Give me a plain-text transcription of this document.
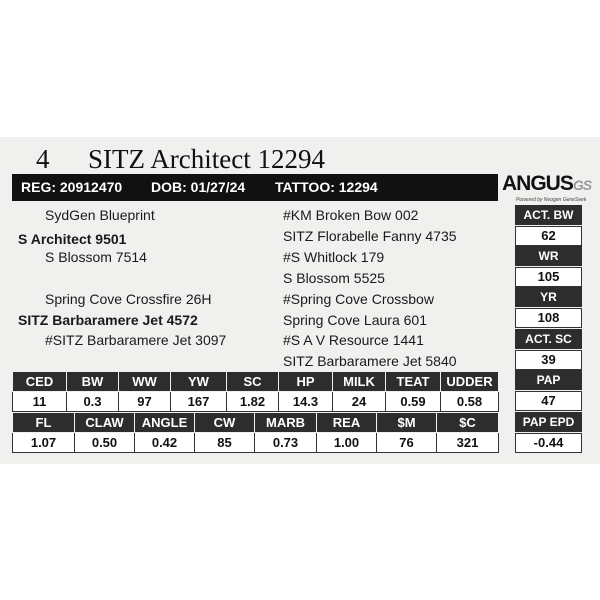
4 SITZ Architect 12294
REG: 20912470 DOB: 01/27/24 TATTOO: 12294	ANGUSGS
Powered by Neogen GeneSeek
SydGen Blueprint
S Architect 9501
S Blossom 7514
Spring Cove Crossfire 26H
SITZ Barbaramere Jet 4572
#SITZ Barbaramere Jet 3097
#KM Broken Bow 002
SITZ Florabelle Fanny 4735
#S Whitlock 179
S Blossom 5525
#Spring Cove Crossbow
Spring Cove Laura 601
#S A V Resource 1441
SITZ Barbaramere Jet 5840
ACT. BW
62
WR
105
YR
108
ACT. SC
39
PAP
47
PAP EPD
-0.44
CED	BW	WW	YW	SC	HP	MILK	TEAT	UDDER
11	0.3	97	167	1.82	14.3	24	0.59	0.58
FL	CLAW	ANGLE	CW	MARB	REA	$M	$C
1.07	0.50	0.42	85	0.73	1.00	76	321
